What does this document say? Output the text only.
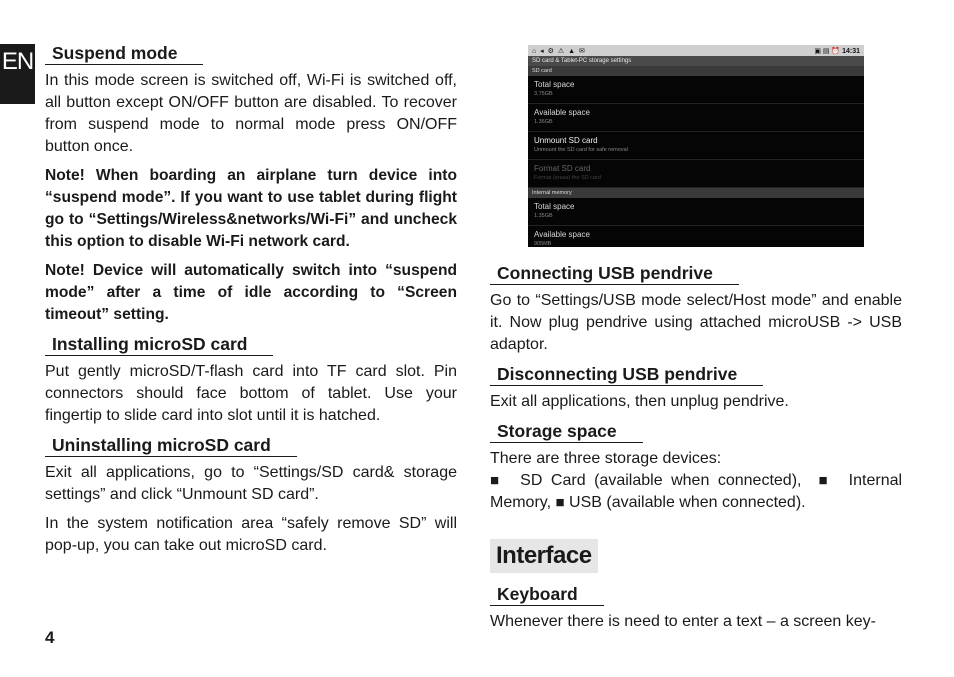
EN	Suspend mode

In this mode screen is switched off, Wi-Fi is switched off, all button except ON/OFF button are disabled. To recover from suspend mode to normal mode press ON/OFF button once.

Note! When boarding an airplane turn device into “suspend mode”. If you want to use tablet during flight go to “Settings/Wireless&networks/Wi-Fi” and uncheck this option to disable Wi-Fi network card.

Note! Device will automatically switch into “suspend mode” after a time of idle according to “Screen timeout” setting.

Installing microSD card

Put gently microSD/T-flash card into TF card slot. Pin connectors should face bottom of tablet. Use your fingertip to slide card into slot until it is hatched.

Uninstalling microSD card

Exit all applications, go to “Settings/SD card& storage settings” and click “Unmount SD card”.

In the system notification area “safely remove SD” will pop-up, you can take out microSD card.

⌂ ◂ ⚙ ⚠ ▲ ✉	▣ ▤ ⏰ 14:31
SD card & Tablet-PC storage settings
SD card
Total space
3.75GB
Available space
1.36GB
Unmount SD card
Unmount the SD card for safe removal
Format SD card
Format (erase) the SD card
Internal memory
Total space
1.35GB
Available space
905MB
Connecting USB pendrive

Go to “Settings/USB mode select/Host mode” and enable it. Now plug pendrive using attached microUSB -> USB adaptor.

Disconnecting USB pendrive

Exit all applications, then unplug pendrive.

Storage space

There are three storage devices:

■ SD Card (available when connected), ■ Internal Memory, ■ USB (available when connected).

Interface
Keyboard

Whenever there is need to enter a text – a screen key-

4
